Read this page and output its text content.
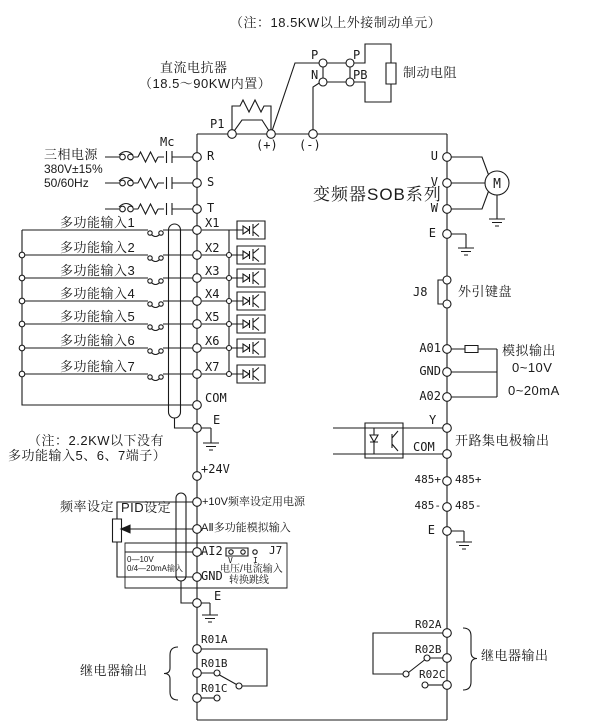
M
（注：18.5KW以上外接制动单元）
直流电抗器
（18.5～90KW内置）
P1
(+) (-)
P
N
P
PB	制动电阻
三相电源
380V±15%
50/60Hz
Mc
R
S
T
变频器SOB系列
多功能输入1
多功能输入2
多功能输入3
多功能输入4
多功能输入5
多功能输入6
多功能输入7
X1
X2
X3
X4
X5
X6
X7
COM
E
+24V
（注：2.2KW以下没有
多功能输入5、6、7端子）
频率设定 PID设定	+10V频率设定用电源
AⅡ多功能模拟输入
AI2
GND
0—10V
0/4—20mA输入
J7
V	I
电压/电流输入
转换跳线
E
继电器输出
R01A
R01B
R01C
U
V
W
E
J8 外引键盘
A01
GND
A02
模拟输出
0~10V
0~20mA
Y
COM 开路集电极输出
485+ 485+
485- 485-
E
R02A
R02B
R02C
继电器输出
